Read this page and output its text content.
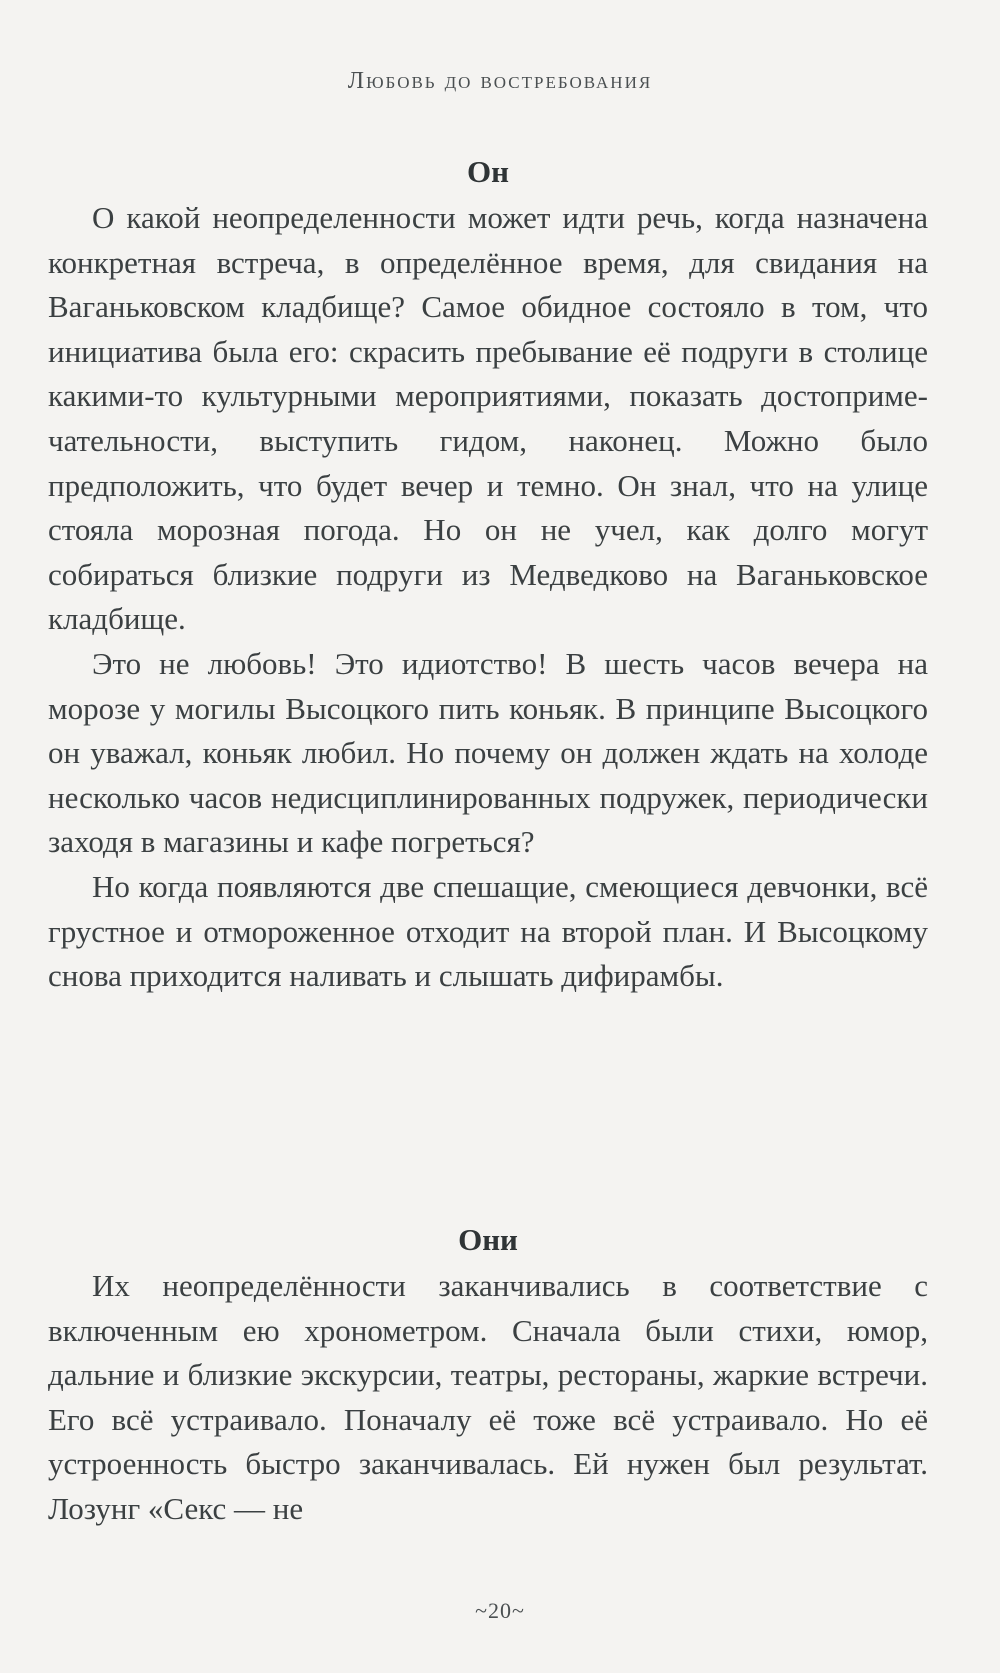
Любовь до востребования
Он

О какой неопределенности может идти речь, когда назначена конкретная встреча, в определённое время, для свидания на Ваганьковском кладбище? Самое обидное состояло в том, что инициатива была его: скрасить пребывание её подруги в столице какими-то культурными мероприятиями, показать достопримечательности, выступить гидом, наконец. Можно было предположить, что будет вечер и темно. Он знал, что на улице стояла морозная погода. Но он не учел, как долго могут собираться близкие подруги из Медведково на Ваганьковское кладбище.

Это не любовь! Это идиотство! В шесть часов вечера на морозе у могилы Высоцкого пить коньяк. В принципе Высоцкого он уважал, коньяк любил. Но почему он должен ждать на холоде несколько часов недисциплинированных подружек, периодически заходя в магазины и кафе погреться?

Но когда появляются две спешащие, смеющиеся девчонки, всё грустное и отмороженное отходит на второй план. И Высоцкому снова приходится наливать и слышать дифирамбы.

Они

Их неопределённости заканчивались в соответствие с включенным ею хронометром. Сначала были стихи, юмор, дальние и близкие экскурсии, театры, рестораны, жаркие встречи. Его всё устраивало. Поначалу её тоже всё устраивало. Но её устроенность быстро заканчивалась. Ей нужен был результат. Лозунг «Секс — не

~20~
